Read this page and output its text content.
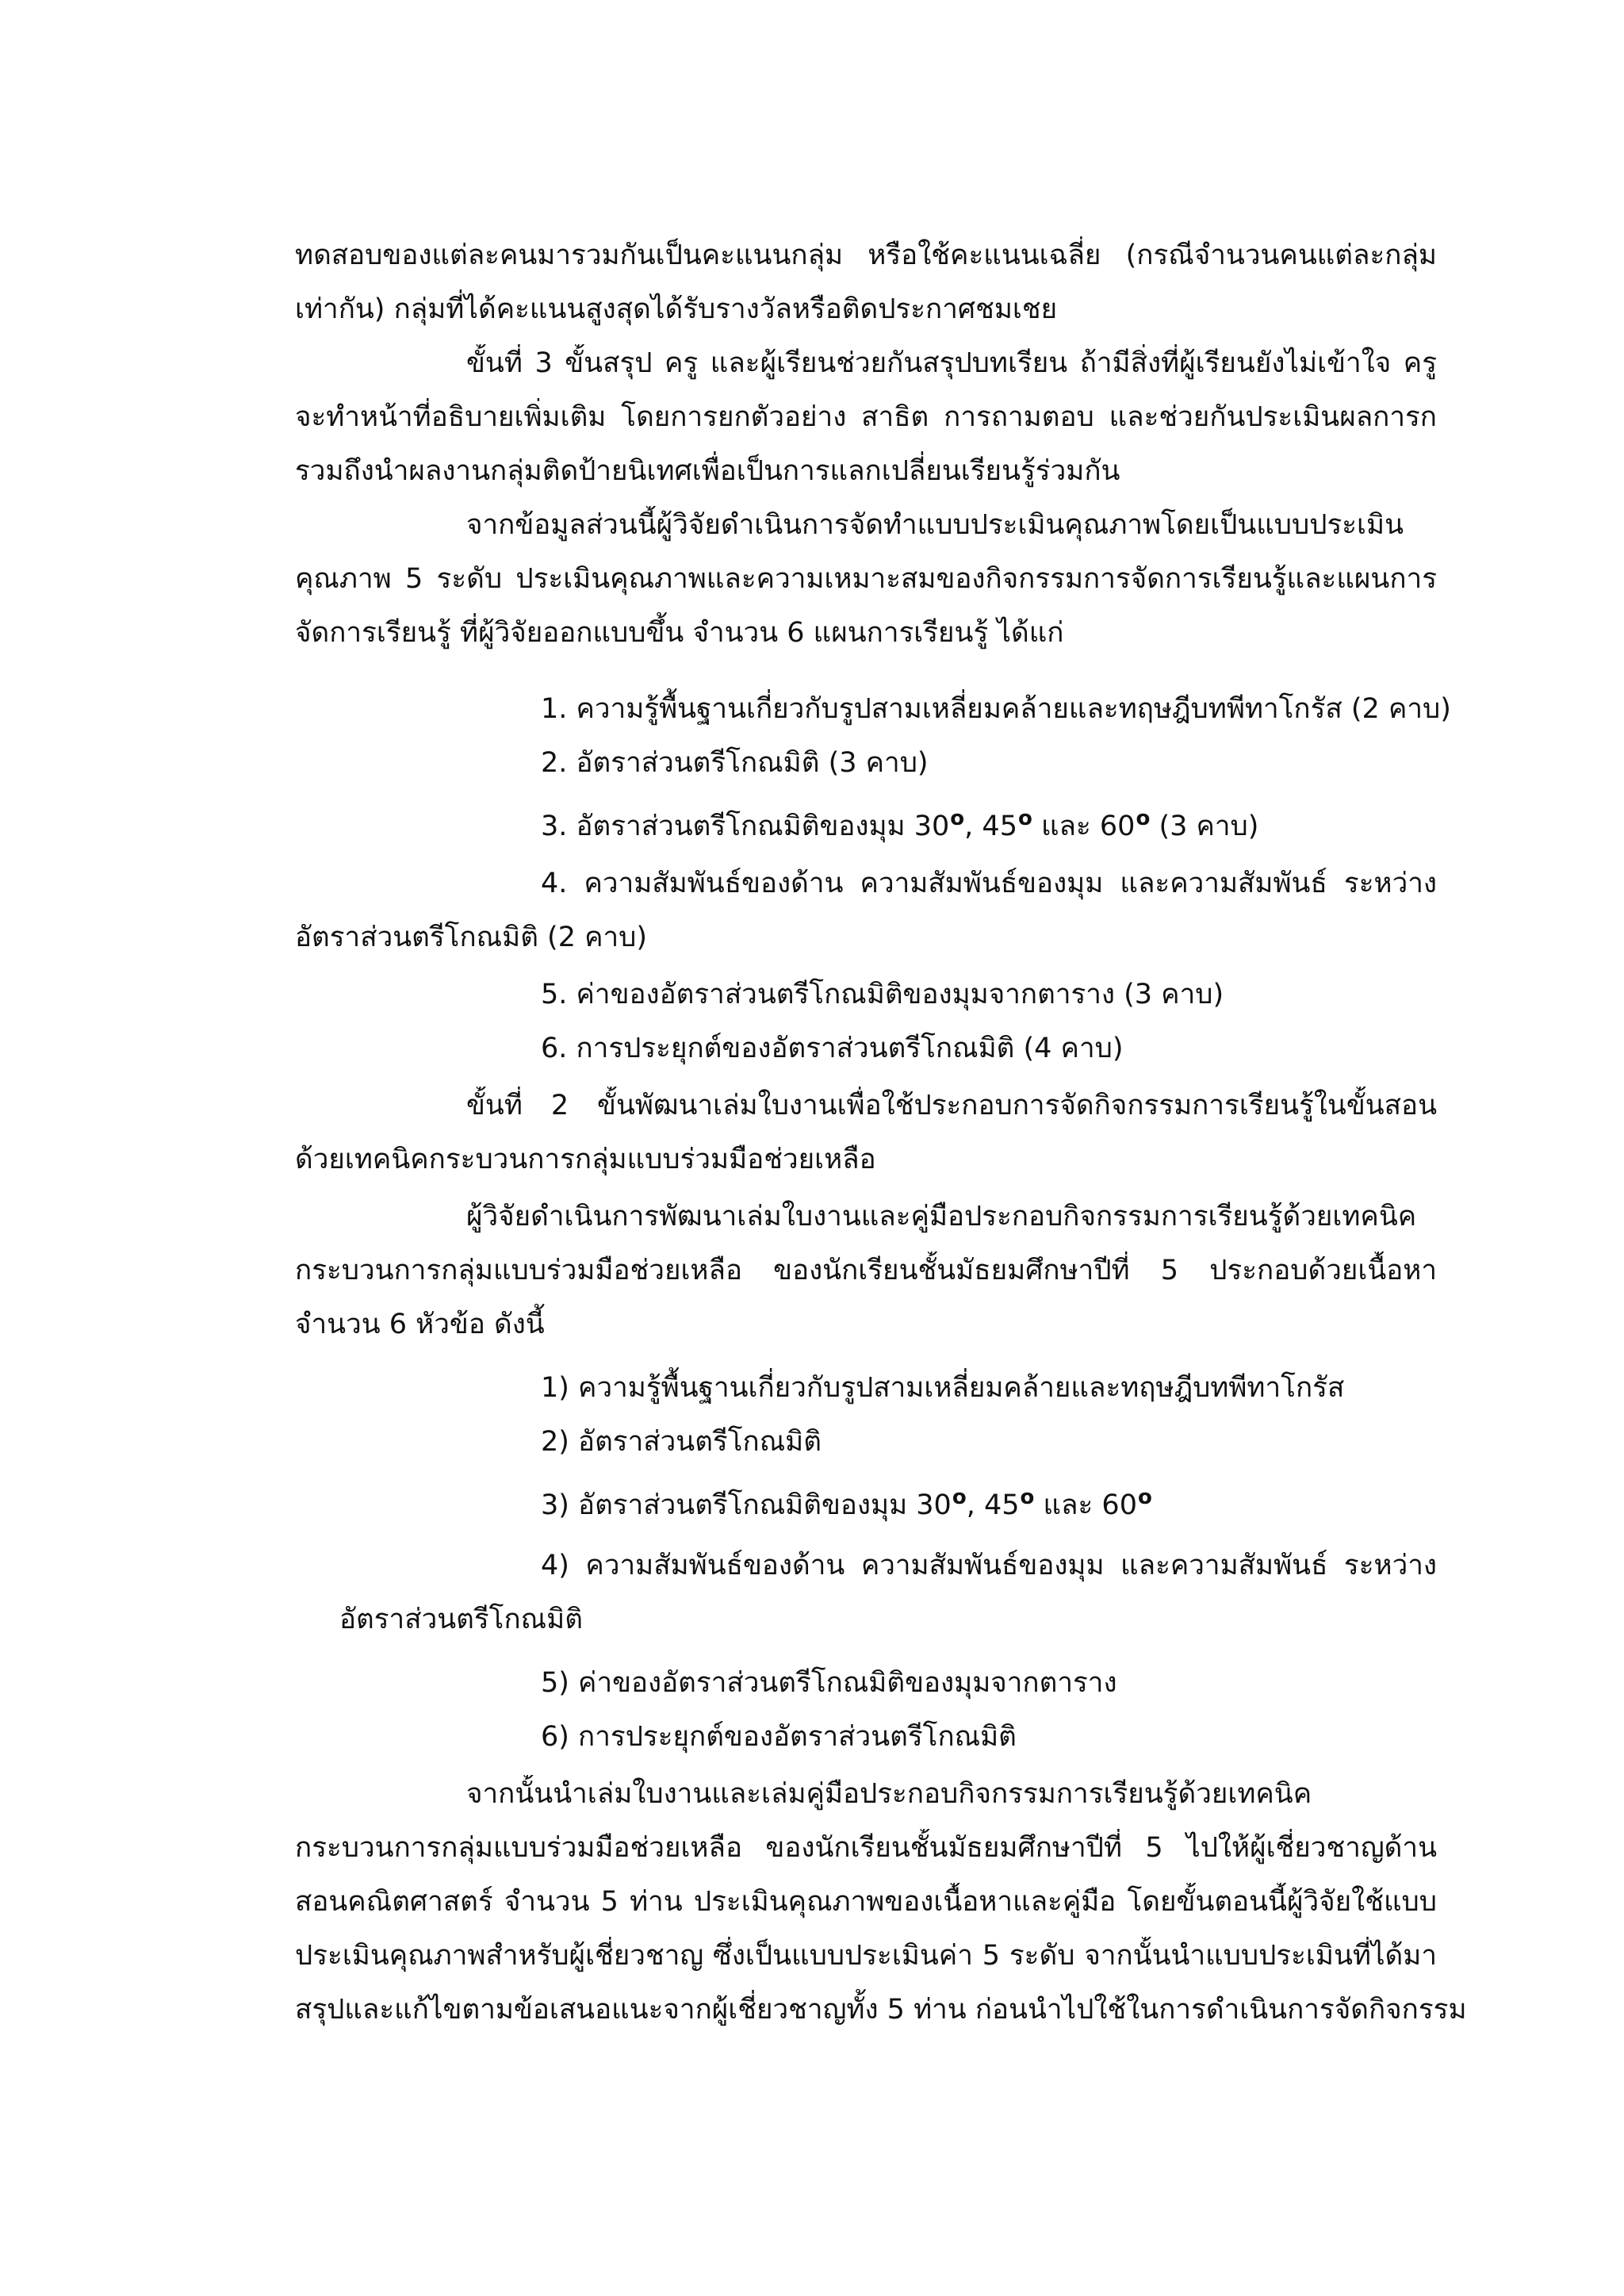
ทดสอบของแต่ละคนมารวมกันเป็นคะแนนกลุ่ม หรือใช้คะแนนเฉลี่ย (กรณีจำนวนคนแต่ละกลุ่ม
เท่ากัน) กลุ่มที่ได้คะแนนสูงสุดได้รับรางวัลหรือติดประกาศชมเชย
ขั้นที่ 3 ขั้นสรุป ครู และผู้เรียนช่วยกันสรุปบทเรียน ถ้ามีสิ่งที่ผู้เรียนยังไม่เข้าใจ ครู
จะทำหน้าที่อธิบายเพิ่มเติม โดยการยกตัวอย่าง สาธิต การถามตอบ และช่วยกันประเมินผลการก
รวมถึงนำผลงานกลุ่มติดป้ายนิเทศเพื่อเป็นการแลกเปลี่ยนเรียนรู้ร่วมกัน
จากข้อมูลส่วนนี้ผู้วิจัยดำเนินการจัดทำแบบประเมินคุณภาพโดยเป็นแบบประเมิน
คุณภาพ 5 ระดับ ประเมินคุณภาพและความเหมาะสมของกิจกรรมการจัดการเรียนรู้และแผนการ
จัดการเรียนรู้ ที่ผู้วิจัยออกแบบขึ้น จำนวน 6 แผนการเรียนรู้ ได้แก่
1. ความรู้พื้นฐานเกี่ยวกับรูปสามเหลี่ยมคล้ายและทฤษฎีบทพีทาโกรัส (2 คาบ)
2. อัตราส่วนตรีโกณมิติ (3 คาบ)
3. อัตราส่วนตรีโกณมิติของมุม 30$^o$, 45$^o$ และ 60$^o$ (3 คาบ)
4. ความสัมพันธ์ของด้าน ความสัมพันธ์ของมุม และความสัมพันธ์ ระหว่าง
อัตราส่วนตรีโกณมิติ (2 คาบ)
5. ค่าของอัตราส่วนตรีโกณมิติของมุมจากตาราง (3 คาบ)
6. การประยุกต์ของอัตราส่วนตรีโกณมิติ (4 คาบ)
ขั้นที่ 2 ขั้นพัฒนาเล่มใบงานเพื่อใช้ประกอบการจัดกิจกรรมการเรียนรู้ในขั้นสอน
ด้วยเทคนิคกระบวนการกลุ่มแบบร่วมมือช่วยเหลือ
ผู้วิจัยดำเนินการพัฒนาเล่มใบงานและคู่มือประกอบกิจกรรมการเรียนรู้ด้วยเทคนิค
กระบวนการกลุ่มแบบร่วมมือช่วยเหลือ ของนักเรียนชั้นมัธยมศึกษาปีที่ 5 ประกอบด้วยเนื้อหา
จำนวน 6 หัวข้อ ดังนี้
1) ความรู้พื้นฐานเกี่ยวกับรูปสามเหลี่ยมคล้ายและทฤษฎีบทพีทาโกรัส
2) อัตราส่วนตรีโกณมิติ
3) อัตราส่วนตรีโกณมิติของมุม 30$^o$, 45$^o$ และ 60$^o$
4) ความสัมพันธ์ของด้าน ความสัมพันธ์ของมุม และความสัมพันธ์ ระหว่าง
อัตราส่วนตรีโกณมิติ
5) ค่าของอัตราส่วนตรีโกณมิติของมุมจากตาราง
6) การประยุกต์ของอัตราส่วนตรีโกณมิติ
จากนั้นนำเล่มใบงานและเล่มคู่มือประกอบกิจกรรมการเรียนรู้ด้วยเทคนิค
กระบวนการกลุ่มแบบร่วมมือช่วยเหลือ ของนักเรียนชั้นมัธยมศึกษาปีที่ 5 ไปให้ผู้เชี่ยวชาญด้าน
สอนคณิตศาสตร์ จำนวน 5 ท่าน ประเมินคุณภาพของเนื้อหาและคู่มือ โดยขั้นตอนนี้ผู้วิจัยใช้แบบ
ประเมินคุณภาพสำหรับผู้เชี่ยวชาญ ซึ่งเป็นแบบประเมินค่า 5 ระดับ จากนั้นนำแบบประเมินที่ได้มา
สรุปและแก้ไขตามข้อเสนอแนะจากผู้เชี่ยวชาญทั้ง 5 ท่าน ก่อนนำไปใช้ในการดำเนินการจัดกิจกรรม
